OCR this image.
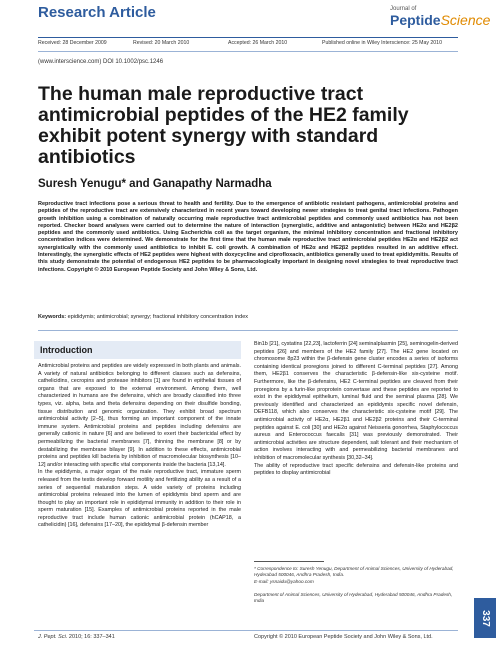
Research Article	Journal of
PeptideScience
Received: 28 December 2009	Revised: 20 March 2010	Accepted: 26 March 2010	Published online in Wiley Interscience: 25 May 2010
(www.interscience.com) DOI 10.1002/psc.1246
The human male reproductive tract antimicrobial peptides of the HE2 family exhibit potent synergy with standard antibiotics
Suresh Yenugu* and Ganapathy Narmadha
Reproductive tract infections pose a serious threat to health and fertility. Due to the emergence of antibiotic resistant pathogens, antimicrobial proteins and peptides of the reproductive tract are extensively characterized in recent years toward developing newer strategies to treat genital tract infections. Pathogen growth inhibition using a combination of naturally occurring male reproductive tract antimicrobial peptides and commonly used antibiotics has not been reported. Checker board analyses were carried out to determine the nature of interaction (synergistic, additive and antagonistic) between HE2α and HE2β2 peptides and the commonly used antibiotics. Using Escherichia coli as the target organism, the minimal inhibitory concentration and fractional inhibitory concentration indices were determined. We demonstrate for the first time that the human male reproductive tract antimicrobial peptides HE2α and HE2β2 act synergistically with the commonly used antibiotics to inhibit E. coli growth. A combination of HE2α and HE2β2 peptides resulted in an additive effect. Interestingly, the synergistic effects of HE2 peptides were highest with doxycycline and ciprofloxacin, antibiotics generally used to treat epididymitis. Results of this study demonstrate the potential of endogenous HE2 peptides to be pharmacologically important in designing novel strategies to treat reproductive tract infections. Copyright © 2010 European Peptide Society and John Wiley & Sons, Ltd.
Keywords: epididymis; antimicrobial; synergy; fractional inhibitory concentration index
Introduction
Antimicrobial proteins and peptides are widely expressed in both plants and animals. A variety of natural antibiotics belonging to different classes such as defensins, cathelicidins, cecropins and protease inhibitors [1] are found in epithelial tissues of organs that are exposed to the external environment. Among them, well characterized in humans are the defensins, which are broadly classified into three types, viz. alpha, beta and theta defensins depending on their disulfide bonding, tissue distribution and genomic organization. They exhibit broad spectrum antimicrobial activity [2–5], thus forming an important component of the innate immune system. Antimicrobial proteins and peptides including defensins are generally cationic in nature [6] and are believed to exert their bactericidal effect by permeabilizing the bacterial membranes [7], thinning the membrane [8] or by destabilizing the membrane bilayer [9]. In addition to these effects, antimicrobial proteins and peptides kill bacteria by inhibition of macromolecular biosynthesis [10–12] and/or interacting with specific vital components inside the bacteria [13,14].
In the epididymis, a major organ of the male reproductive tract, immature sperm released from the testis develop forward motility and fertilizing ability as a result of a series of sequential maturation steps. A wide variety of proteins including antimicrobial proteins released into the lumen of epididymis bind sperm and are thought to play an important role in epididymal immunity in addition to their role in sperm maturation [15]. Examples of antimicrobial proteins reported in the male reproductive tract include human cationic antimicrobial protein (hCAP18, a cathelicidin) [16], defensins [17–20], the epididymal β-defensin member
Bin1b [21], cystatins [22,23], lactoferrin [24] seminalplasmin [25], seminogelin-derived peptides [26] and members of the HE2 family [27]. The HE2 gene located on chromosome 8p23 within the β-defensin gene cluster encodes a series of isoforms containing identical proregions joined to different C-terminal peptides [27]. Among them, HE2β1 conserves the characteristic β-defensin-like six-cysteine motif. Furthermore, like the β-defensins, HE2 C-terminal peptides are cleaved from their proregions by a furin-like proprotein convertase and these peptides are reported to exist in the epididymal epithelium, luminal fluid and the seminal plasma [28]. We previously identified and characterized an epididymis specific novel defensin, DEFB118, which also conserves the characteristic six-cysteine motif [29]. The antimicrobial activity of HE2α, HE2β1 and HE2β2 proteins and their C-terminal peptides against E. coli [30] and HE2α against Neisseria gonorrhea, Staphylococcus aureus and Enterococcus faecalis [31] was previously demonstrated. Their antimicrobial activities are structure dependent, salt tolerant and their mechanism of action involves interacting with and permeabilizing bacterial membranes and inhibition of macromolecular synthesis [30,32–34].
The ability of reproductive tract specific defensins and defensin-like proteins and peptides to display antimicrobial
* Correspondence to: Suresh Yenugu, Department of Animal Sciences, University of Hyderabad, Hyderabad 500046, Andhra Pradesh, India.
E-mail: ysnaidu@yahoo.com

Department of Animal Sciences, University of Hyderabad, Hyderabad 500046, Andhra Pradesh, India
J. Pept. Sci. 2010; 16: 337–341	Copyright © 2010 European Peptide Society and John Wiley & Sons, Ltd.
337
